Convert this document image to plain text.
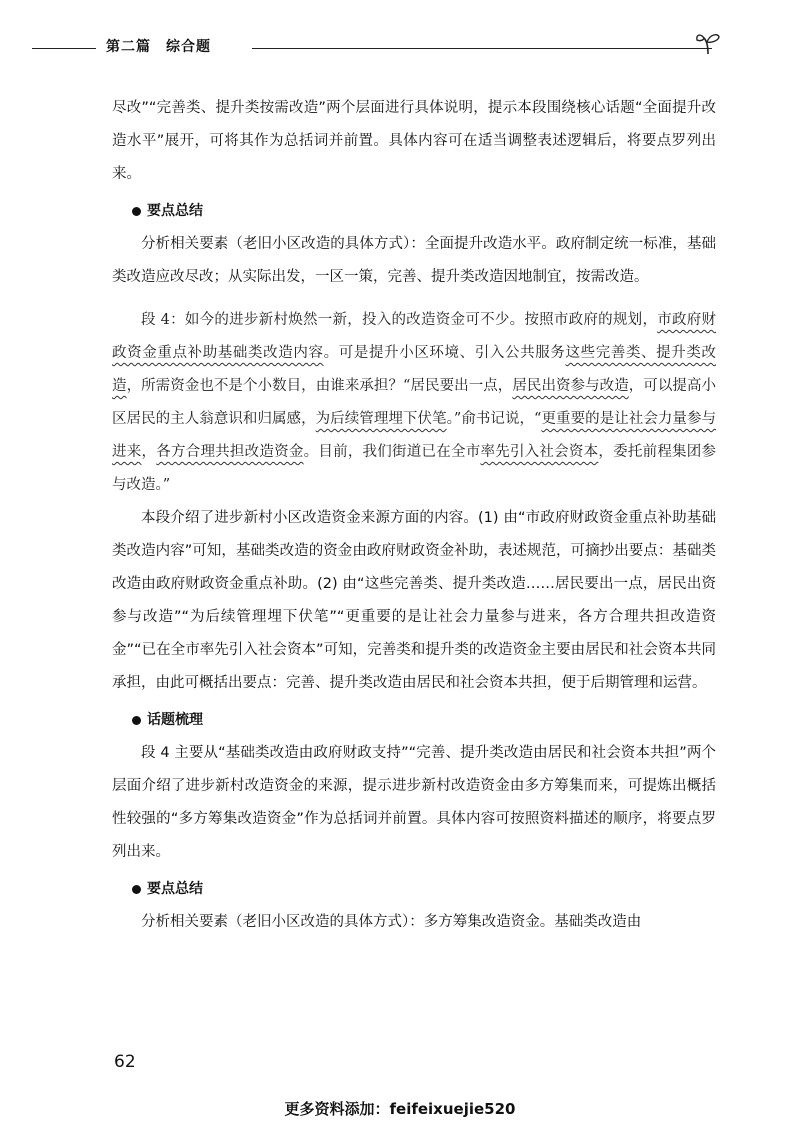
第二篇　综合题

尽改”“完善类、提升类按需改造”两个层面进行具体说明，提示本段围绕核心话题“全面提升改造水平”展开，可将其作为总括词并前置。具体内容可在适当调整表述逻辑后，将要点罗列出来。

要点总结

分析相关要素（老旧小区改造的具体方式）：全面提升改造水平。政府制定统一标准，基础类改造应改尽改；从实际出发，一区一策，完善、提升类改造因地制宜，按需改造。

段 4：如今的进步新村焕然一新，投入的改造资金可不少。按照市政府的规划，市政府财政资金重点补助基础类改造内容。可是提升小区环境、引入公共服务这些完善类、提升类改造，所需资金也不是个小数目，由谁来承担？“居民要出一点，居民出资参与改造，可以提高小区居民的主人翁意识和归属感，为后续管理埋下伏笔。”俞书记说，“更重要的是让社会力量参与进来，各方合理共担改造资金。目前，我们街道已在全市率先引入社会资本，委托前程集团参与改造。”

本段介绍了进步新村小区改造资金来源方面的内容。(1) 由“市政府财政资金重点补助基础类改造内容”可知，基础类改造的资金由政府财政资金补助，表述规范，可摘抄出要点：基础类改造由政府财政资金重点补助。(2) 由“这些完善类、提升类改造……居民要出一点，居民出资参与改造”“为后续管理埋下伏笔”“更重要的是让社会力量参与进来，各方合理共担改造资金”“已在全市率先引入社会资本”可知，完善类和提升类的改造资金主要由居民和社会资本共同承担，由此可概括出要点：完善、提升类改造由居民和社会资本共担，便于后期管理和运营。

话题梳理

段 4 主要从“基础类改造由政府财政支持”“完善、提升类改造由居民和社会资本共担”两个层面介绍了进步新村改造资金的来源，提示进步新村改造资金由多方筹集而来，可提炼出概括性较强的“多方筹集改造资金”作为总括词并前置。具体内容可按照资料描述的顺序，将要点罗列出来。

要点总结

分析相关要素（老旧小区改造的具体方式）：多方筹集改造资金。基础类改造由

62
更多资料添加：feifeixuejie520
